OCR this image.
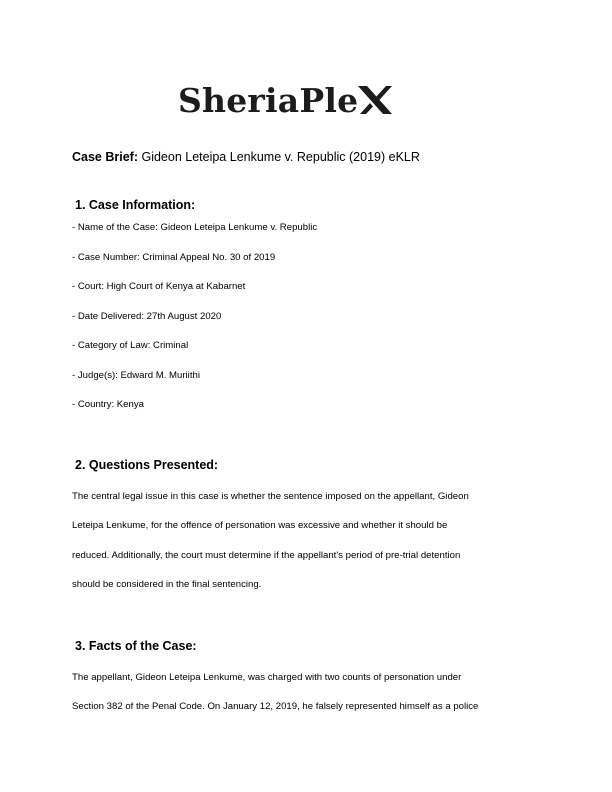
SheriaPle
Case Brief: Gideon Leteipa Lenkume v. Republic (2019) eKLR
1. Case Information:
- Name of the Case: Gideon Leteipa Lenkume v. Republic
- Case Number: Criminal Appeal No. 30 of 2019
- Court: High Court of Kenya at Kabarnet
- Date Delivered: 27th August 2020
- Category of Law: Criminal
- Judge(s): Edward M. Muriithi
- Country: Kenya
2. Questions Presented:
The central legal issue in this case is whether the sentence imposed on the appellant, Gideon
Leteipa Lenkume, for the offence of personation was excessive and whether it should be
reduced. Additionally, the court must determine if the appellant's period of pre-trial detention
should be considered in the final sentencing.
3. Facts of the Case:
The appellant, Gideon Leteipa Lenkume, was charged with two counts of personation under
Section 382 of the Penal Code. On January 12, 2019, he falsely represented himself as a police
